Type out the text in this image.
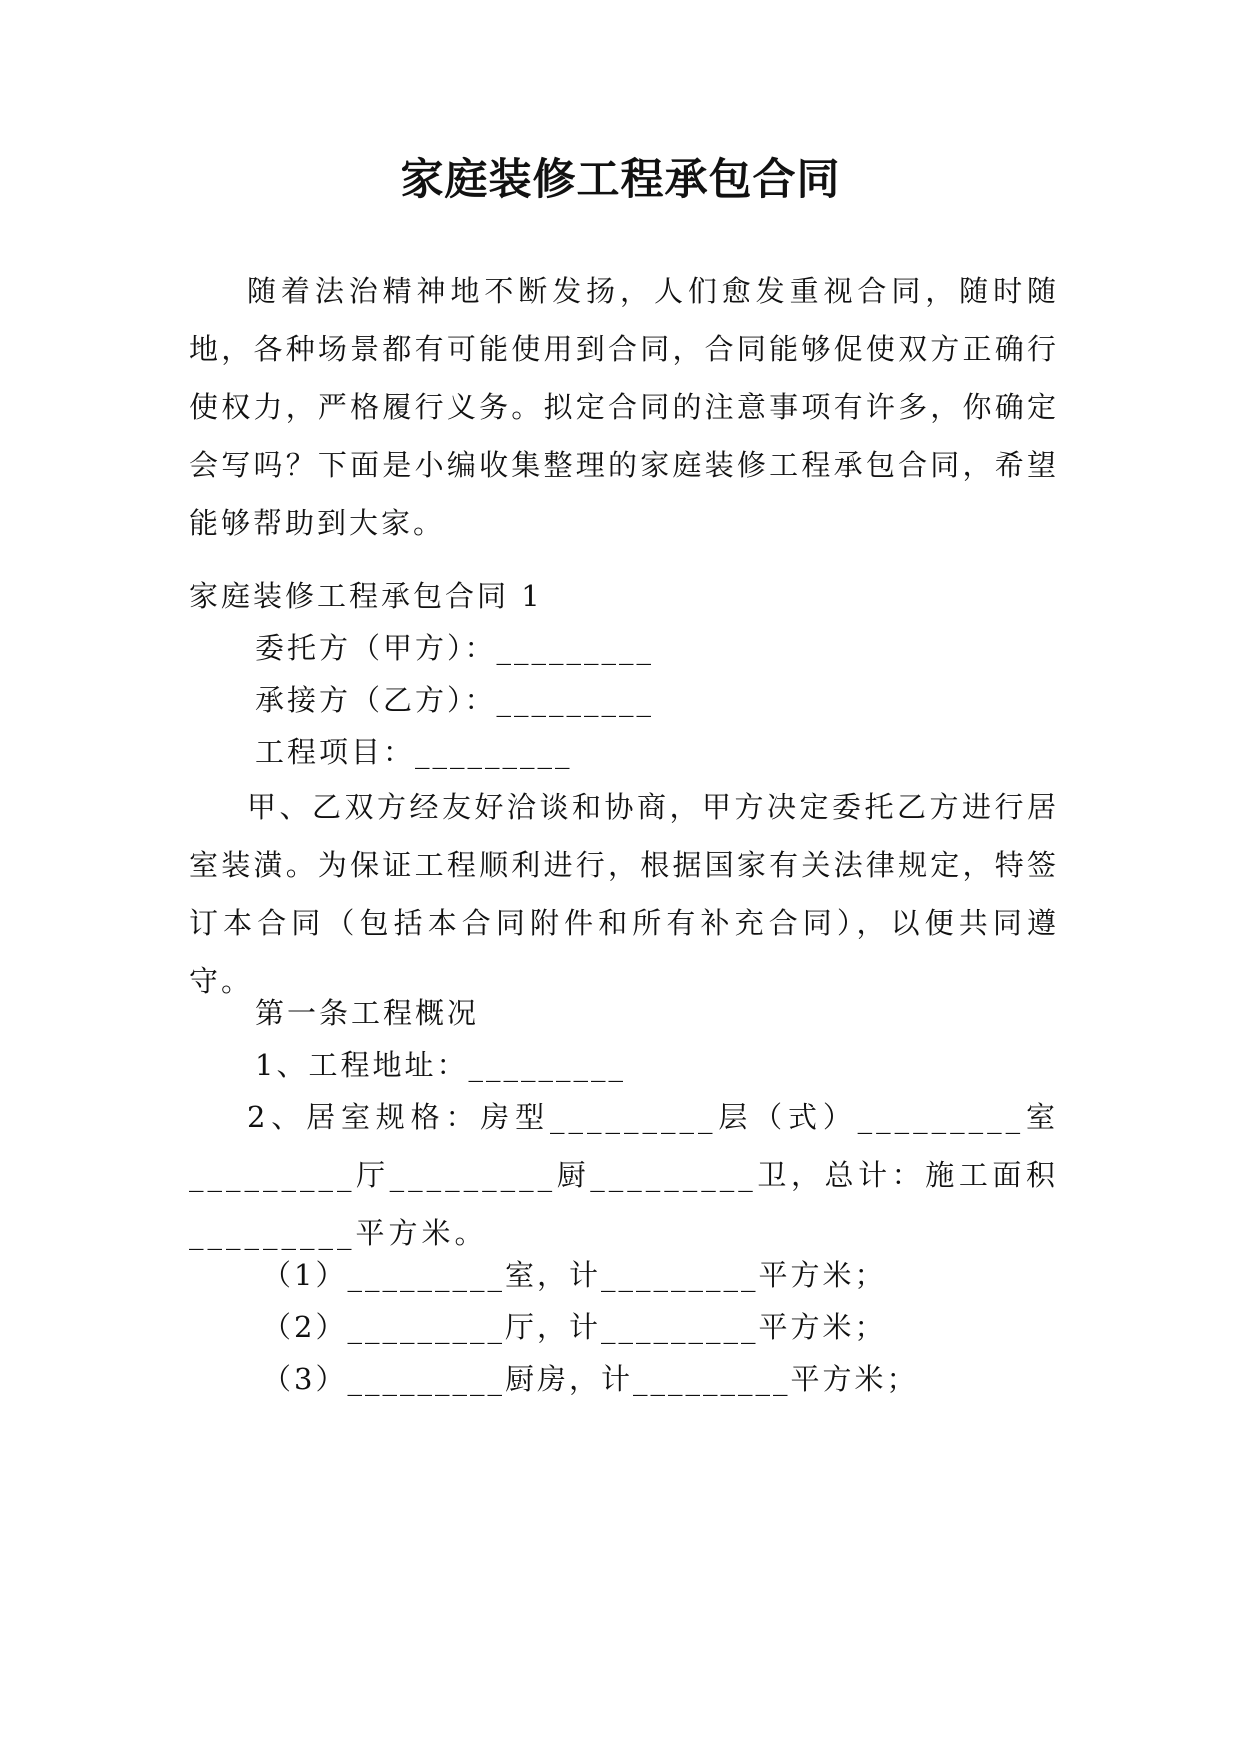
家庭装修工程承包合同

随着法治精神地不断发扬，人们愈发重视合同，随时随地，各种场景都有可能使用到合同，合同能够促使双方正确行使权力，严格履行义务。拟定合同的注意事项有许多，你确定会写吗？下面是小编收集整理的家庭装修工程承包合同，希望能够帮助到大家。

家庭装修工程承包合同 1
委托方（甲方）：_________
承接方（乙方）：_________
工程项目：_________

甲、乙双方经友好洽谈和协商，甲方决定委托乙方进行居室装潢。为保证工程顺利进行，根据国家有关法律规定，特签订本合同（包括本合同附件和所有补充合同），以便共同遵守。

第一条工程概况
1、工程地址：_________

2、居室规格：房型_________层（式）_________室_________厅_________厨_________卫，总计：施工面积_________平方米。

（1）_________室，计_________平方米；
（2）_________厅，计_________平方米；
（3）_________厨房，计_________平方米；
